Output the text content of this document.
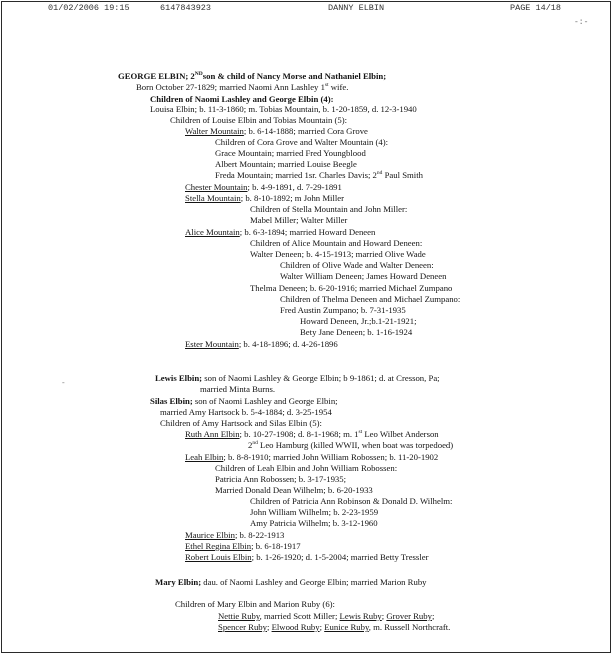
01/02/2006 19:15	6147843923	DANNY ELBIN	PAGE 14/18
-:-
-
GEORGE ELBIN; 2NDson & child of Nancy Morse and Nathaniel Elbin;
Born October 27-1829; married Naomi Ann Lashley 1st wife.
Children of Naomi Lashley and George Elbin (4):
Louisa Elbin; b. 11-3-1860; m. Tobias Mountain, b. 1-20-1859, d. 12-3-1940
Children of Louise Elbin and Tobias Mountain (5):
Walter Mountain; b. 6-14-1888; married Cora Grove
Children of Cora Grove and Walter Mountain (4):
Grace Mountain; married Fred Youngblood
Albert Mountain; married Louise Beegle
Freda Mountain; married 1sr. Charles Davis; 2nd Paul Smith
Chester Mountain; b. 4-9-1891, d. 7-29-1891
Stella Mountain; b. 8-10-1892; m John Miller
Children of Stella Mountain and John Miller:
Mabel Miller; Walter Miller
Alice Mountain; b. 6-3-1894; married Howard Deneen
Children of Alice Mountain and Howard Deneen:
Walter Deneen; b. 4-15-1913; married Olive Wade
Children of Olive Wade and Walter Deneen:
Walter William Deneen; James Howard Deneen
Thelma Deneen; b. 6-20-1916; married Michael Zumpano
Children of Thelma Deneen and Michael Zumpano:
Fred Austin Zumpano; b. 7-31-1935
Howard Deneen, Jr.;b.1-21-1921;
Bety Jane Deneen; b. 1-16-1924
Ester Mountain; b. 4-18-1896; d. 4-26-1896
Lewis Elbin; son of Naomi Lashley & George Elbin; b 9-1861; d. at Cresson, Pa;
married Minta Burns.
Silas Elbin; son of Naomi Lashley and George Elbin;
married Amy Hartsock b. 5-4-1884; d. 3-25-1954
Children of Amy Hartsock and Silas Elbin (5):
Ruth Ann Elbin; b. 10-27-1908; d. 8-1-1968; m. 1st Leo Wilbet Anderson
2nd Leo Hamburg (killed WWII, when boat was torpedoed)
Leah Elbin; b. 8-8-1910; married John William Robossen; b. 11-20-1902
Children of Leah Elbin and John William Robossen:
Patricia Ann Robossen; b. 3-17-1935;
Married Donald Dean Wilhelm; b. 6-20-1933
Children of Patricia Ann Robinson & Donald D. Wilhelm:
John William Wilhelm; b. 2-23-1959
Amy Patricia Wilhelm; b. 3-12-1960
Maurice Elbin; b. 8-22-1913
Ethel Regina Elbin; b. 6-18-1917
Robert Louis Elbin; b. 1-26-1920; d. 1-5-2004; married Betty Tressler
Mary Elbin; dau. of Naomi Lashley and George Elbin; married Marion Ruby
Children of Mary Elbin and Marion Ruby (6):
Nettie Ruby, married Scott Miller; Lewis Ruby; Grover Ruby;
Spencer Ruby; Elwood Ruby; Eunice Ruby, m. Russell Northcraft.
